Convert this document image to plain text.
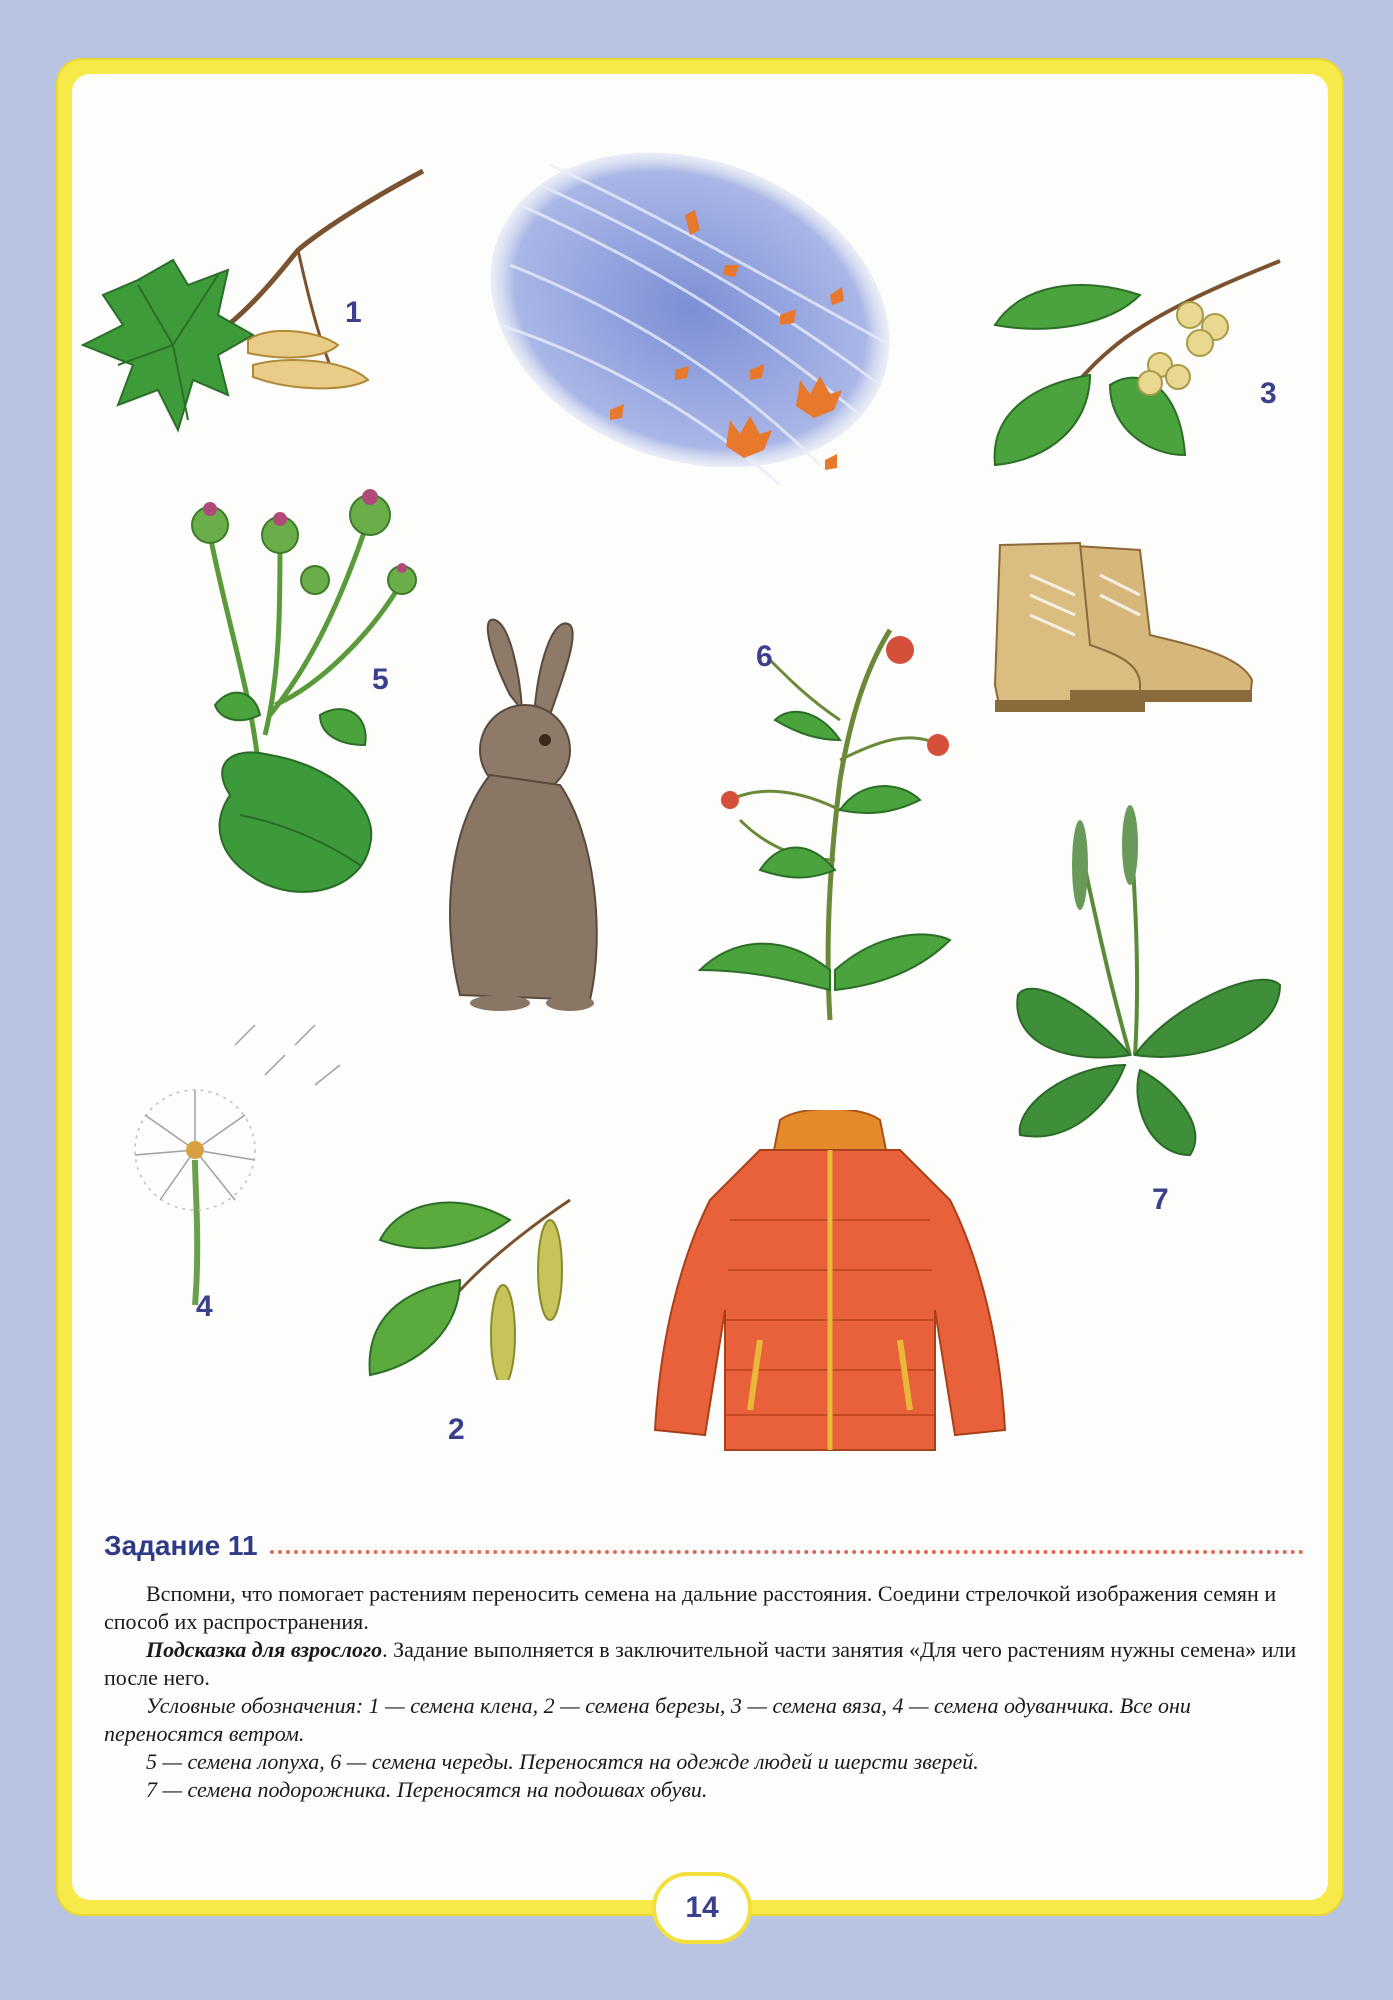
1
3
5
6
7
4
2
Задание 11

Вспомни, что помогает растениям переносить семена на дальние расстояния. Соедини стрелочкой изображения семян и способ их распространения.

Подсказка для взрослого. Задание выполняется в заключительной части занятия «Для чего растениям нужны семена» или после него.

Условные обозначения: 1 — семена клена, 2 — семена березы, 3 — семена вяза, 4 — семена одуванчика. Все они переносятся ветром.

5 — семена лопуха, 6 — семена череды. Переносятся на одежде людей и шерсти зверей.

7 — семена подорожника. Переносятся на подошвах обуви.

14
